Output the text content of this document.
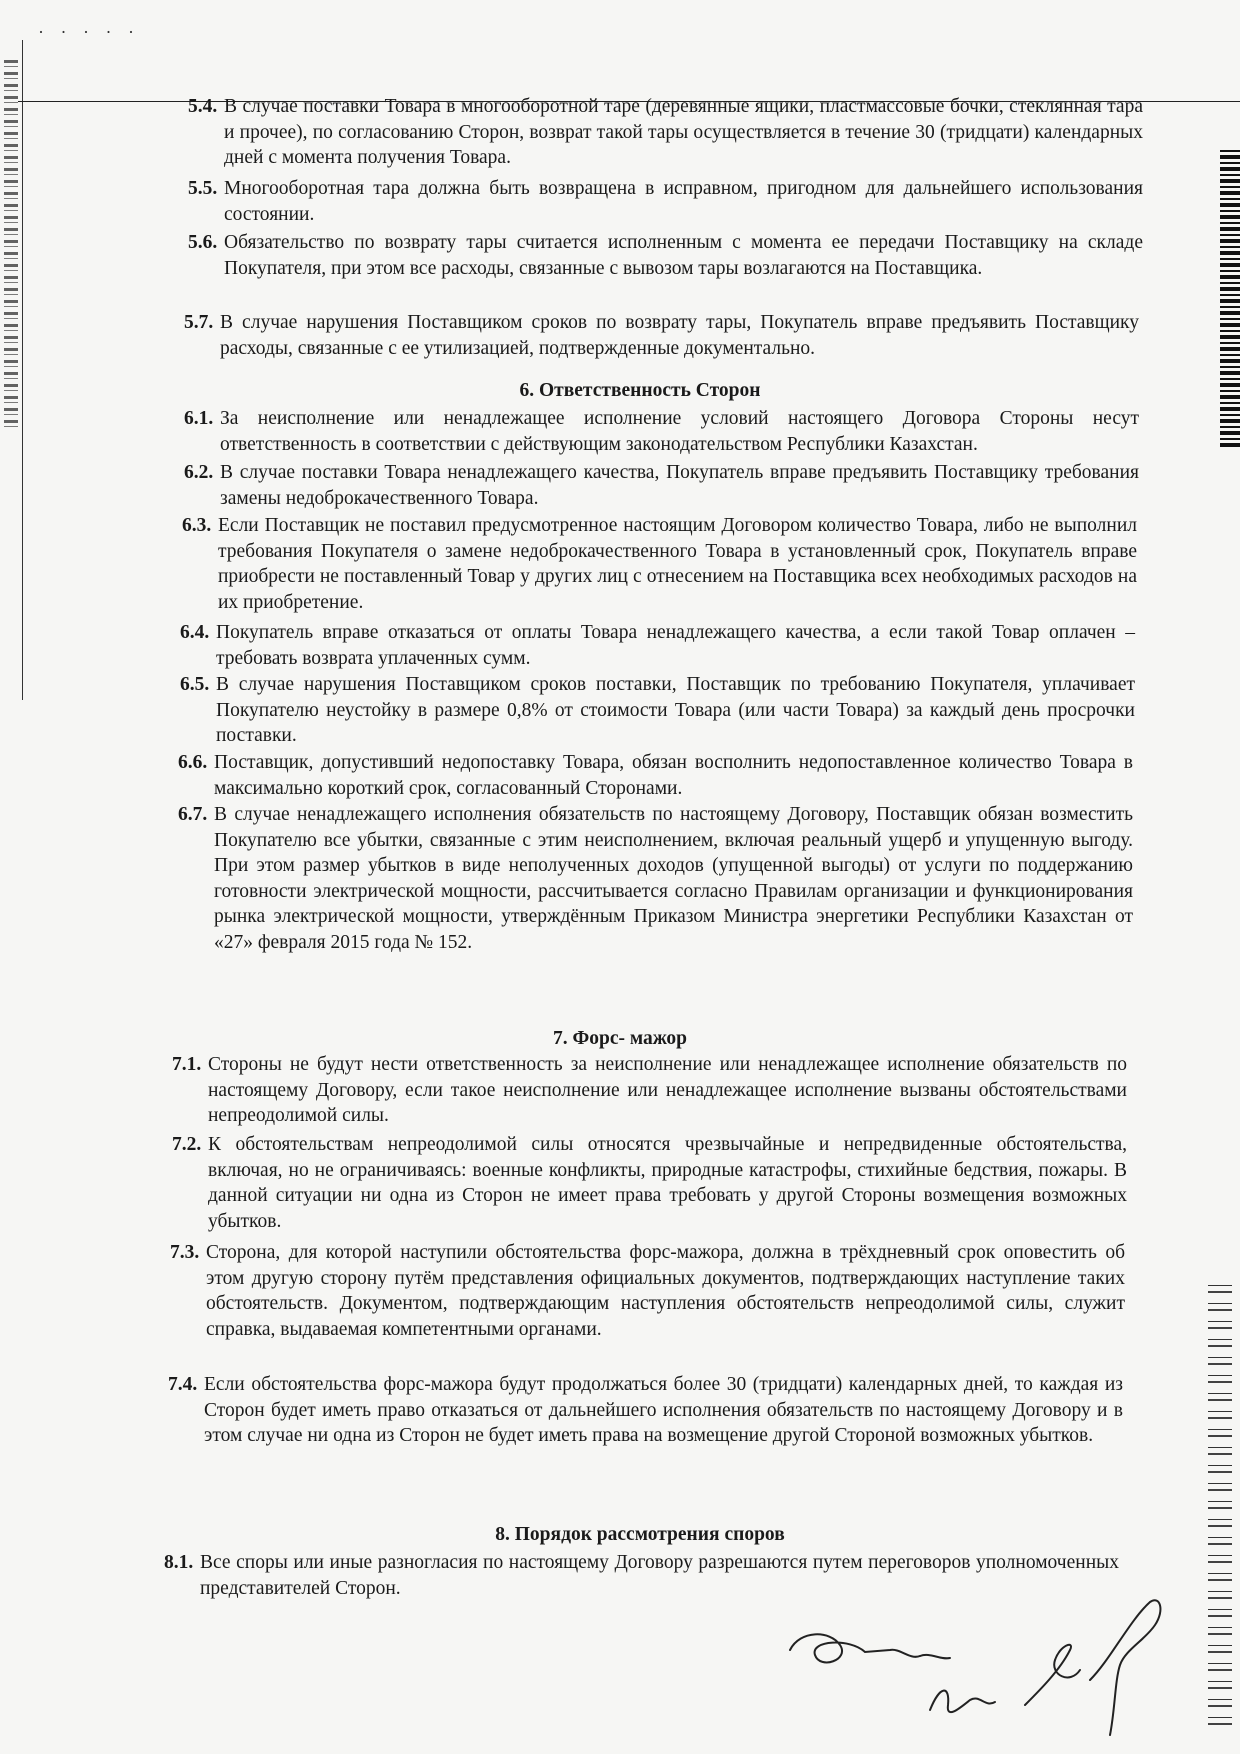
· · · · ·
5.4. В случае поставки Товара в многооборотной таре (деревянные ящики, пластмассовые бочки, стеклянная тара и прочее), по согласованию Сторон, возврат такой тары осуществляется в течение 30 (тридцати) календарных дней с момента получения Товара.
5.5. Многооборотная тара должна быть возвращена в исправном, пригодном для дальнейшего использования состоянии.
5.6. Обязательство по возврату тары считается исполненным с момента ее передачи Поставщику на складе Покупателя, при этом все расходы, связанные с вывозом тары возлагаются на Поставщика.
5.7. В случае нарушения Поставщиком сроков по возврату тары, Покупатель вправе предъявить Поставщику расходы, связанные с ее утилизацией, подтвержденные документально.
6. Ответственность Сторон
6.1. За неисполнение или ненадлежащее исполнение условий настоящего Договора Стороны несут ответственность в соответствии с действующим законодательством Республики Казахстан.
6.2. В случае поставки Товара ненадлежащего качества, Покупатель вправе предъявить Поставщику требования замены недоброкачественного Товара.
6.3. Если Поставщик не поставил предусмотренное настоящим Договором количество Товара, либо не выполнил требования Покупателя о замене недоброкачественного Товара в установленный срок, Покупатель вправе приобрести не поставленный Товар у других лиц с отнесением на Поставщика всех необходимых расходов на их приобретение.
6.4. Покупатель вправе отказаться от оплаты Товара ненадлежащего качества, а если такой Товар оплачен – требовать возврата уплаченных сумм.
6.5. В случае нарушения Поставщиком сроков поставки, Поставщик по требованию Покупателя, уплачивает Покупателю неустойку в размере 0,8% от стоимости Товара (или части Товара) за каждый день просрочки поставки.
6.6. Поставщик, допустивший недопоставку Товара, обязан восполнить недопоставленное количество Товара в максимально короткий срок, согласованный Сторонами.
6.7. В случае ненадлежащего исполнения обязательств по настоящему Договору, Поставщик обязан возместить Покупателю все убытки, связанные с этим неисполнением, включая реальный ущерб и упущенную выгоду. При этом размер убытков в виде неполученных доходов (упущенной выгоды) от услуги по поддержанию готовности электрической мощности, рассчитывается согласно Правилам организации и функционирования рынка электрической мощности, утверждённым Приказом Министра энергетики Республики Казахстан от «27» февраля 2015 года № 152.
7. Форс- мажор
7.1. Стороны не будут нести ответственность за неисполнение или ненадлежащее исполнение обязательств по настоящему Договору, если такое неисполнение или ненадлежащее исполнение вызваны обстоятельствами непреодолимой силы.
7.2. К обстоятельствам непреодолимой силы относятся чрезвычайные и непредвиденные обстоятельства, включая, но не ограничиваясь: военные конфликты, природные катастрофы, стихийные бедствия, пожары. В данной ситуации ни одна из Сторон не имеет права требовать у другой Стороны возмещения возможных убытков.
7.3. Сторона, для которой наступили обстоятельства форс-мажора, должна в трёхдневный срок оповестить об этом другую сторону путём представления официальных документов, подтверждающих наступление таких обстоятельств. Документом, подтверждающим наступления обстоятельств непреодолимой силы, служит справка, выдаваемая компетентными органами.
7.4. Если обстоятельства форс-мажора будут продолжаться более 30 (тридцати) календарных дней, то каждая из Сторон будет иметь право отказаться от дальнейшего исполнения обязательств по настоящему Договору и в этом случае ни одна из Сторон не будет иметь права на возмещение другой Стороной возможных убытков.
8. Порядок рассмотрения споров
8.1. Все споры или иные разногласия по настоящему Договору разрешаются путем переговоров уполномоченных представителей Сторон.
